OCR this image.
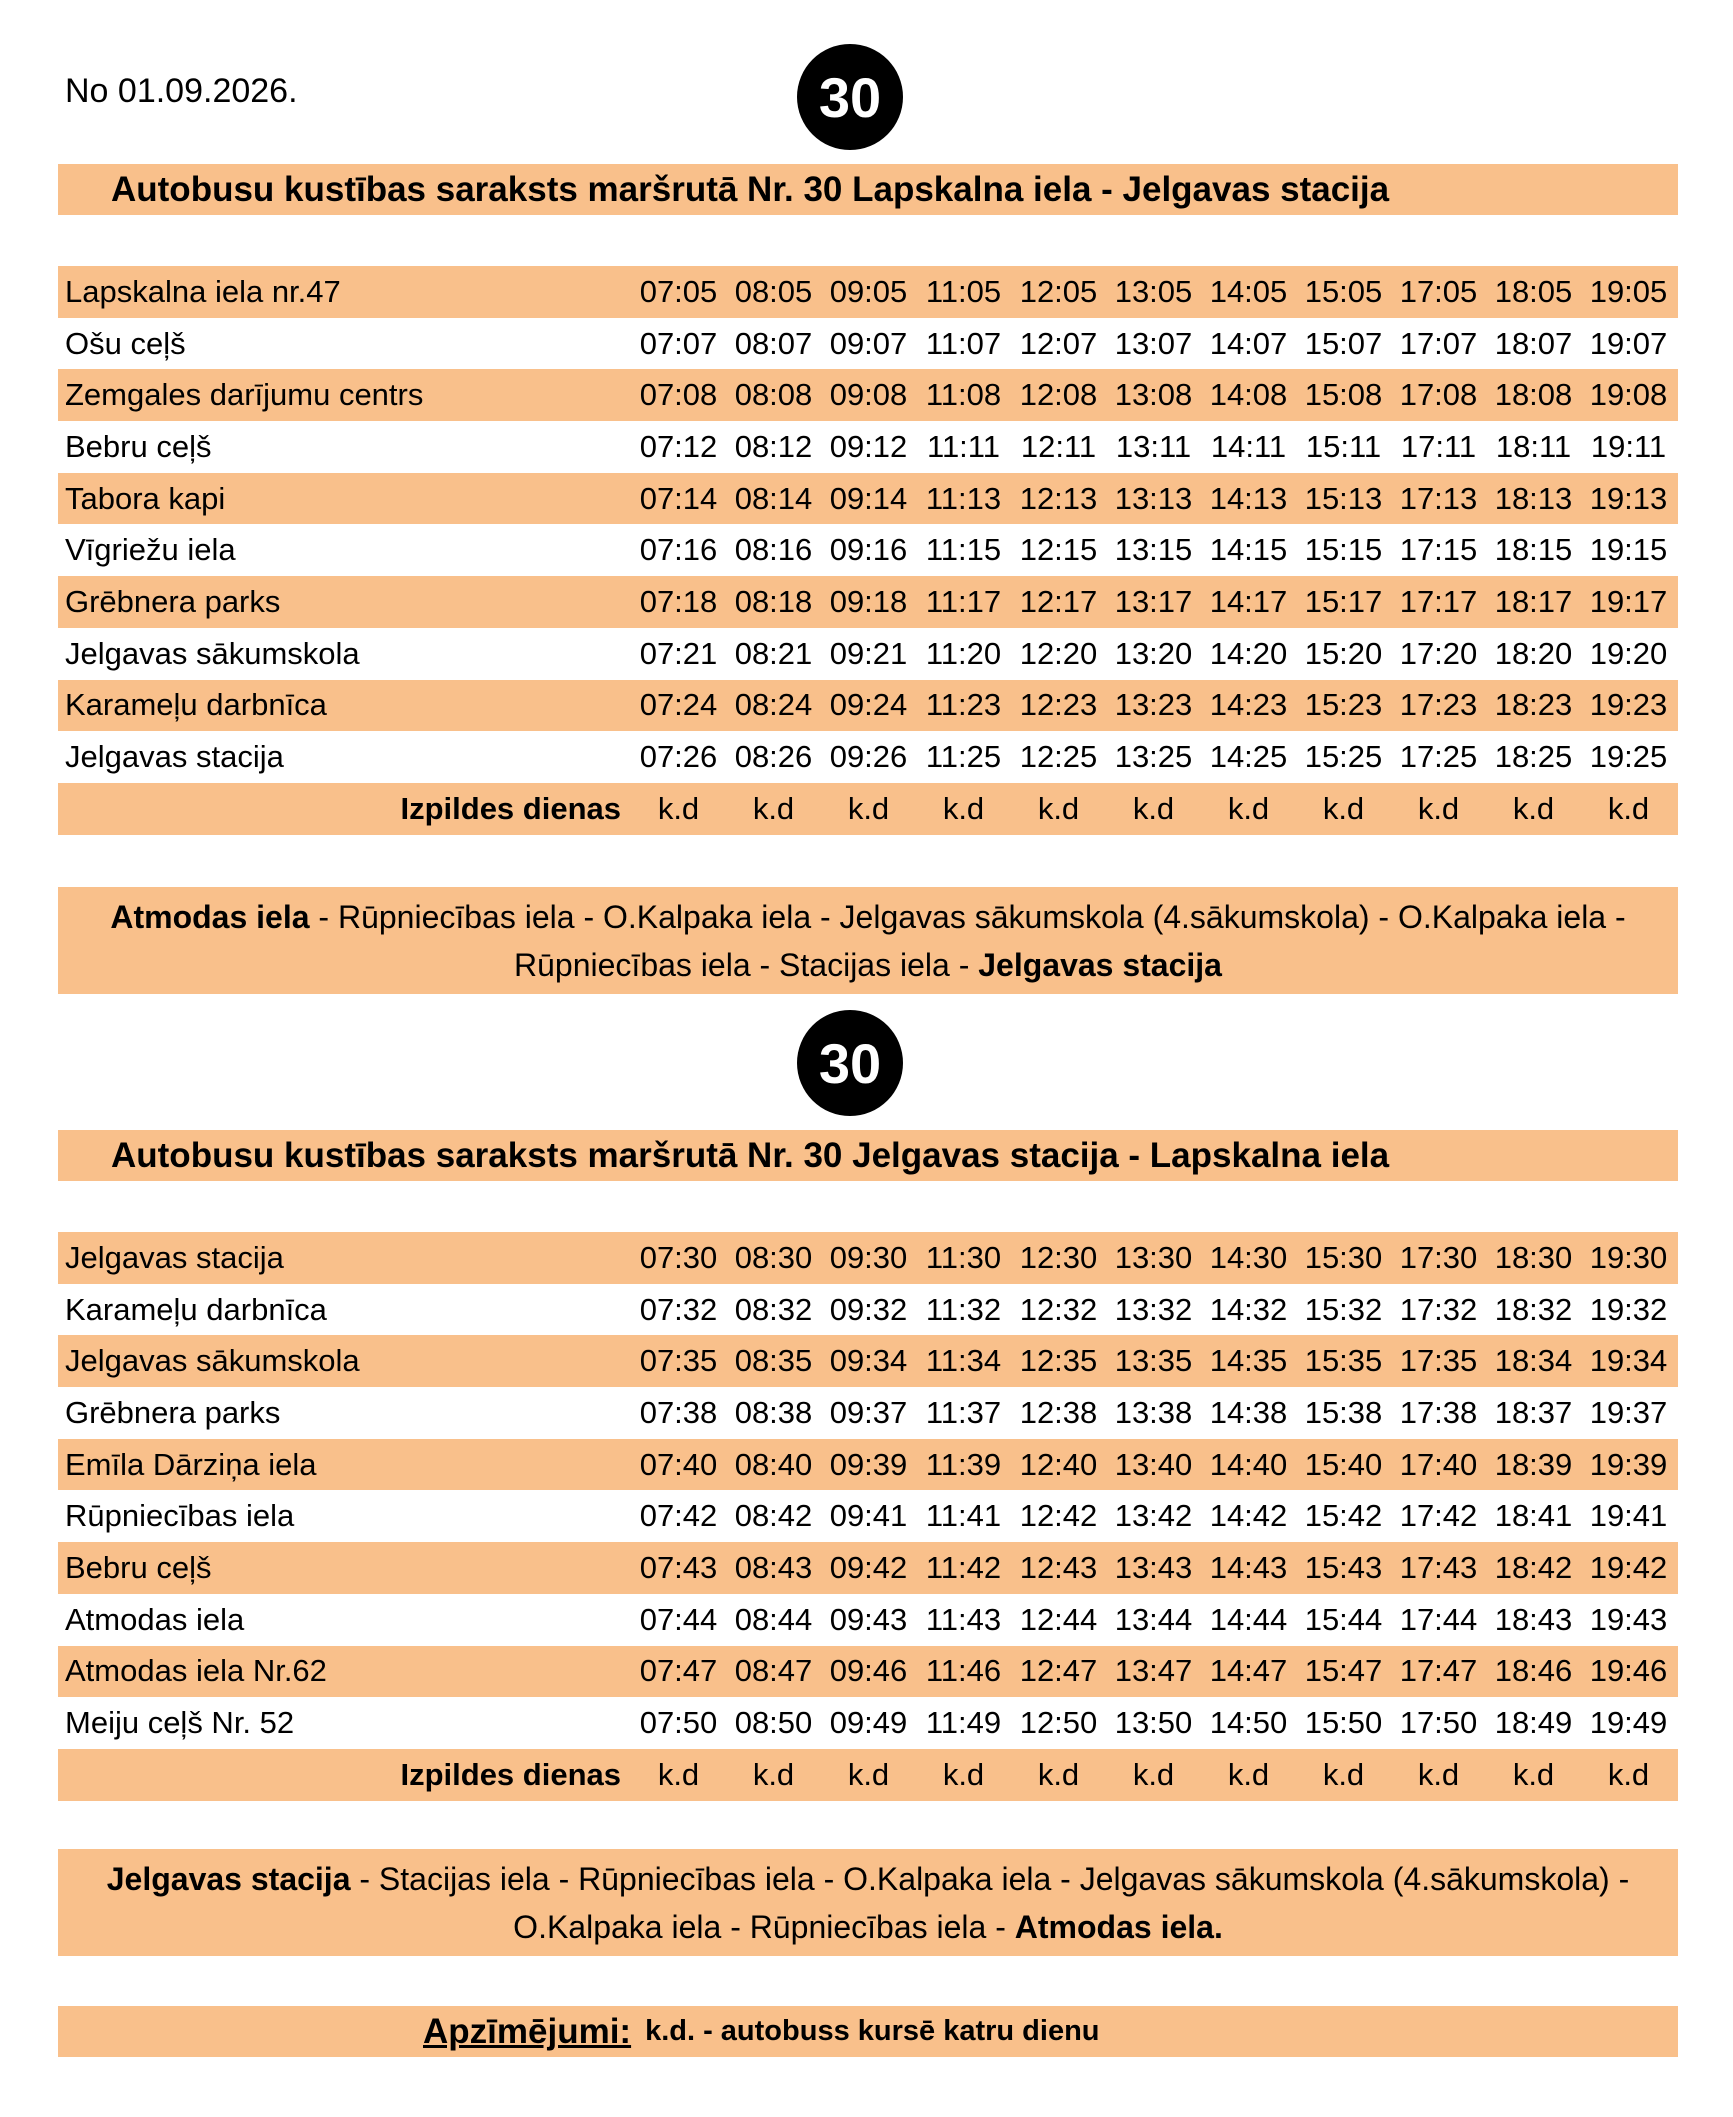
No 01.09.2026.	30
Autobusu kustības saraksts maršrutā Nr. 30 Lapskalna iela - Jelgavas stacija
Lapskalna iela nr.47	07:05 08:05 09:05 11:05 12:05 13:05 14:05 15:05 17:05 18:05 19:05
Ošu ceļš	07:07 08:07 09:07 11:07 12:07 13:07 14:07 15:07 17:07 18:07 19:07
Zemgales darījumu centrs	07:08 08:08 09:08 11:08 12:08 13:08 14:08 15:08 17:08 18:08 19:08
Bebru ceļš	07:12 08:12 09:12 11:11 12:11 13:11 14:11 15:11 17:11 18:11 19:11
Tabora kapi	07:14 08:14 09:14 11:13 12:13 13:13 14:13 15:13 17:13 18:13 19:13
Vīgriežu iela	07:16 08:16 09:16 11:15 12:15 13:15 14:15 15:15 17:15 18:15 19:15
Grēbnera parks	07:18 08:18 09:18 11:17 12:17 13:17 14:17 15:17 17:17 18:17 19:17
Jelgavas sākumskola	07:21 08:21 09:21 11:20 12:20 13:20 14:20 15:20 17:20 18:20 19:20
Karameļu darbnīca	07:24 08:24 09:24 11:23 12:23 13:23 14:23 15:23 17:23 18:23 19:23
Jelgavas stacija	07:26 08:26 09:26 11:25 12:25 13:25 14:25 15:25 17:25 18:25 19:25
Izpildes dienas	k.d	k.d	k.d	k.d	k.d	k.d	k.d	k.d	k.d	k.d	k.d
Atmodas iela - Rūpniecības iela - O.Kalpaka iela - Jelgavas sākumskola (4.sākumskola) - O.Kalpaka iela - Rūpniecības iela - Stacijas iela - Jelgavas stacija
30
Autobusu kustības saraksts maršrutā Nr. 30 Jelgavas stacija - Lapskalna iela
Jelgavas stacija	07:30 08:30 09:30 11:30 12:30 13:30 14:30 15:30 17:30 18:30 19:30
Karameļu darbnīca	07:32 08:32 09:32 11:32 12:32 13:32 14:32 15:32 17:32 18:32 19:32
Jelgavas sākumskola	07:35 08:35 09:34 11:34 12:35 13:35 14:35 15:35 17:35 18:34 19:34
Grēbnera parks	07:38 08:38 09:37 11:37 12:38 13:38 14:38 15:38 17:38 18:37 19:37
Emīla Dārziņa iela	07:40 08:40 09:39 11:39 12:40 13:40 14:40 15:40 17:40 18:39 19:39
Rūpniecības iela	07:42 08:42 09:41 11:41 12:42 13:42 14:42 15:42 17:42 18:41 19:41
Bebru ceļš	07:43 08:43 09:42 11:42 12:43 13:43 14:43 15:43 17:43 18:42 19:42
Atmodas iela	07:44 08:44 09:43 11:43 12:44 13:44 14:44 15:44 17:44 18:43 19:43
Atmodas iela Nr.62	07:47 08:47 09:46 11:46 12:47 13:47 14:47 15:47 17:47 18:46 19:46
Meiju ceļš Nr. 52	07:50 08:50 09:49 11:49 12:50 13:50 14:50 15:50 17:50 18:49 19:49
Izpildes dienas	k.d	k.d	k.d	k.d	k.d	k.d	k.d	k.d	k.d	k.d	k.d
Jelgavas stacija - Stacijas iela - Rūpniecības iela - O.Kalpaka iela - Jelgavas sākumskola (4.sākumskola) - O.Kalpaka iela - Rūpniecības iela - Atmodas iela.
Apzīmējumi: k.d. - autobuss kursē katru dienu
